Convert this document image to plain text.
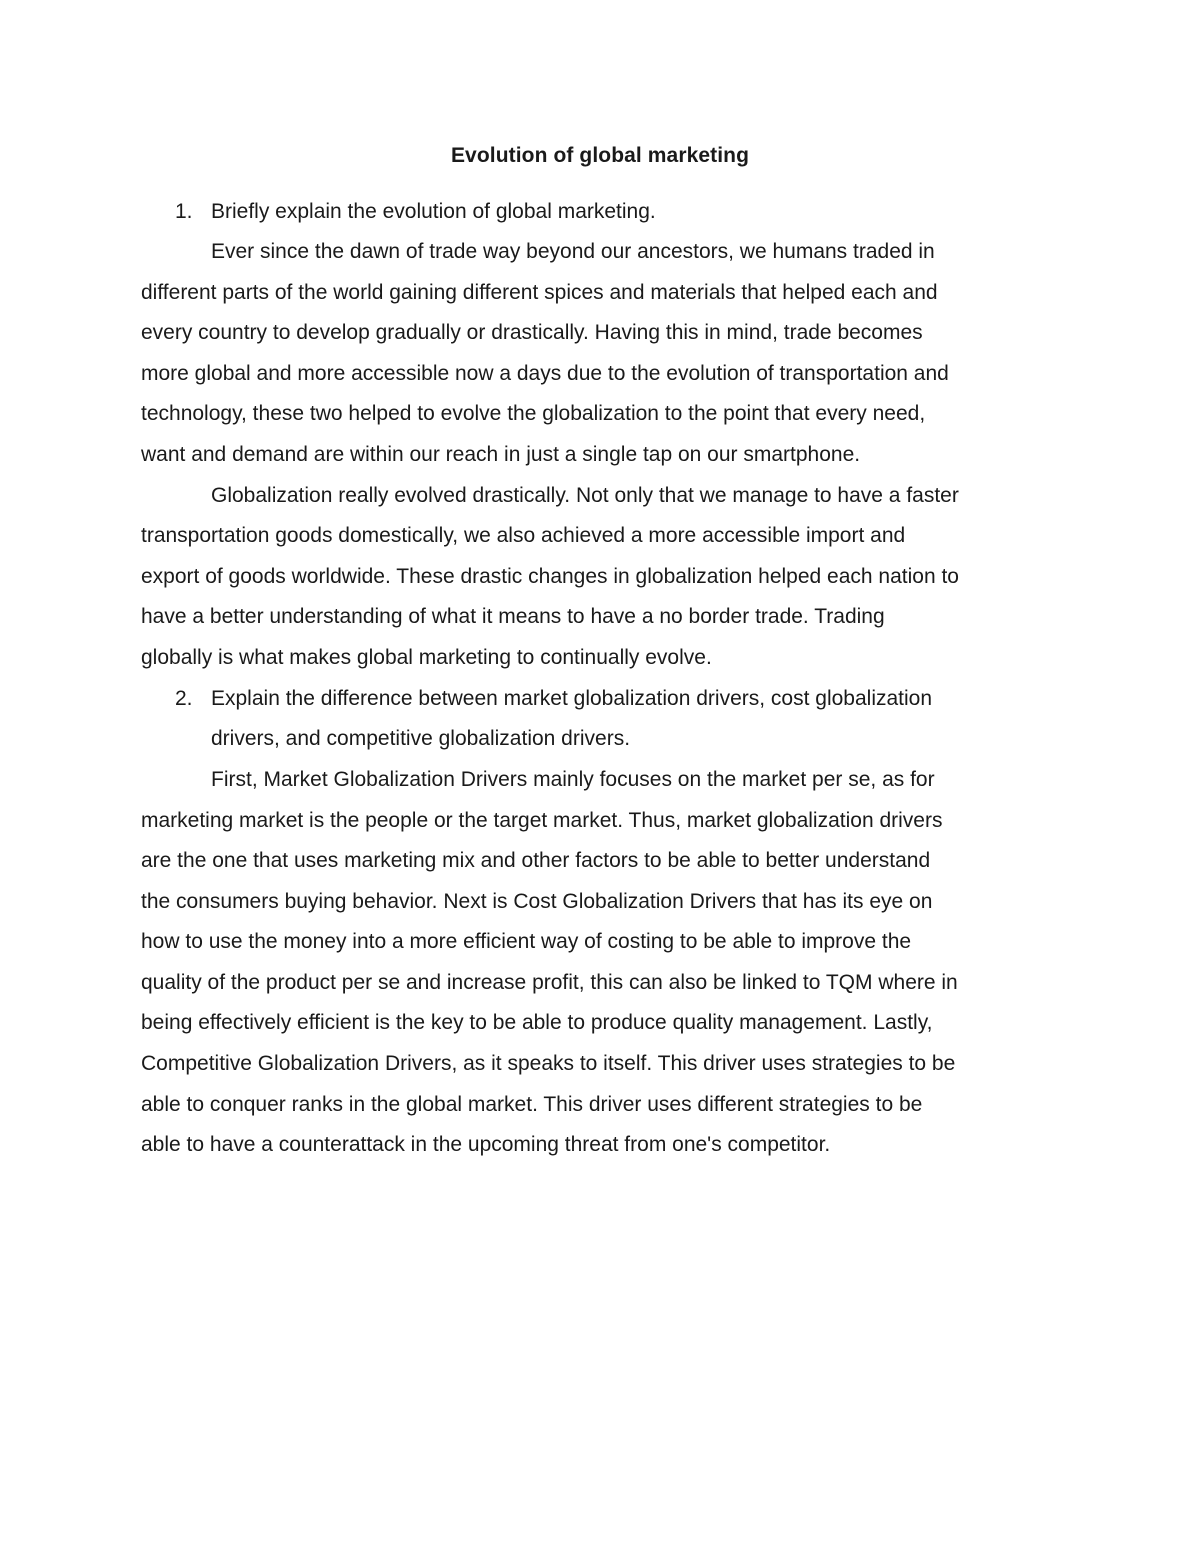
Evolution of global marketing
1. Briefly explain the evolution of global marketing.
Ever since the dawn of trade way beyond our ancestors, we humans traded in
different parts of the world gaining different spices and materials that helped each and
every country to develop gradually or drastically. Having this in mind, trade becomes
more global and more accessible now a days due to the evolution of transportation and
technology, these two helped to evolve the globalization to the point that every need,
want and demand are within our reach in just a single tap on our smartphone.
Globalization really evolved drastically. Not only that we manage to have a faster
transportation goods domestically, we also achieved a more accessible import and
export of goods worldwide. These drastic changes in globalization helped each nation to
have a better understanding of what it means to have a no border trade. Trading
globally is what makes global marketing to continually evolve.
2. Explain the difference between market globalization drivers, cost globalization
drivers, and competitive globalization drivers.
First, Market Globalization Drivers mainly focuses on the market per se, as for
marketing market is the people or the target market. Thus, market globalization drivers
are the one that uses marketing mix and other factors to be able to better understand
the consumers buying behavior. Next is Cost Globalization Drivers that has its eye on
how to use the money into a more efficient way of costing to be able to improve the
quality of the product per se and increase profit, this can also be linked to TQM where in
being effectively efficient is the key to be able to produce quality management. Lastly,
Competitive Globalization Drivers, as it speaks to itself. This driver uses strategies to be
able to conquer ranks in the global market. This driver uses different strategies to be
able to have a counterattack in the upcoming threat from one's competitor.
